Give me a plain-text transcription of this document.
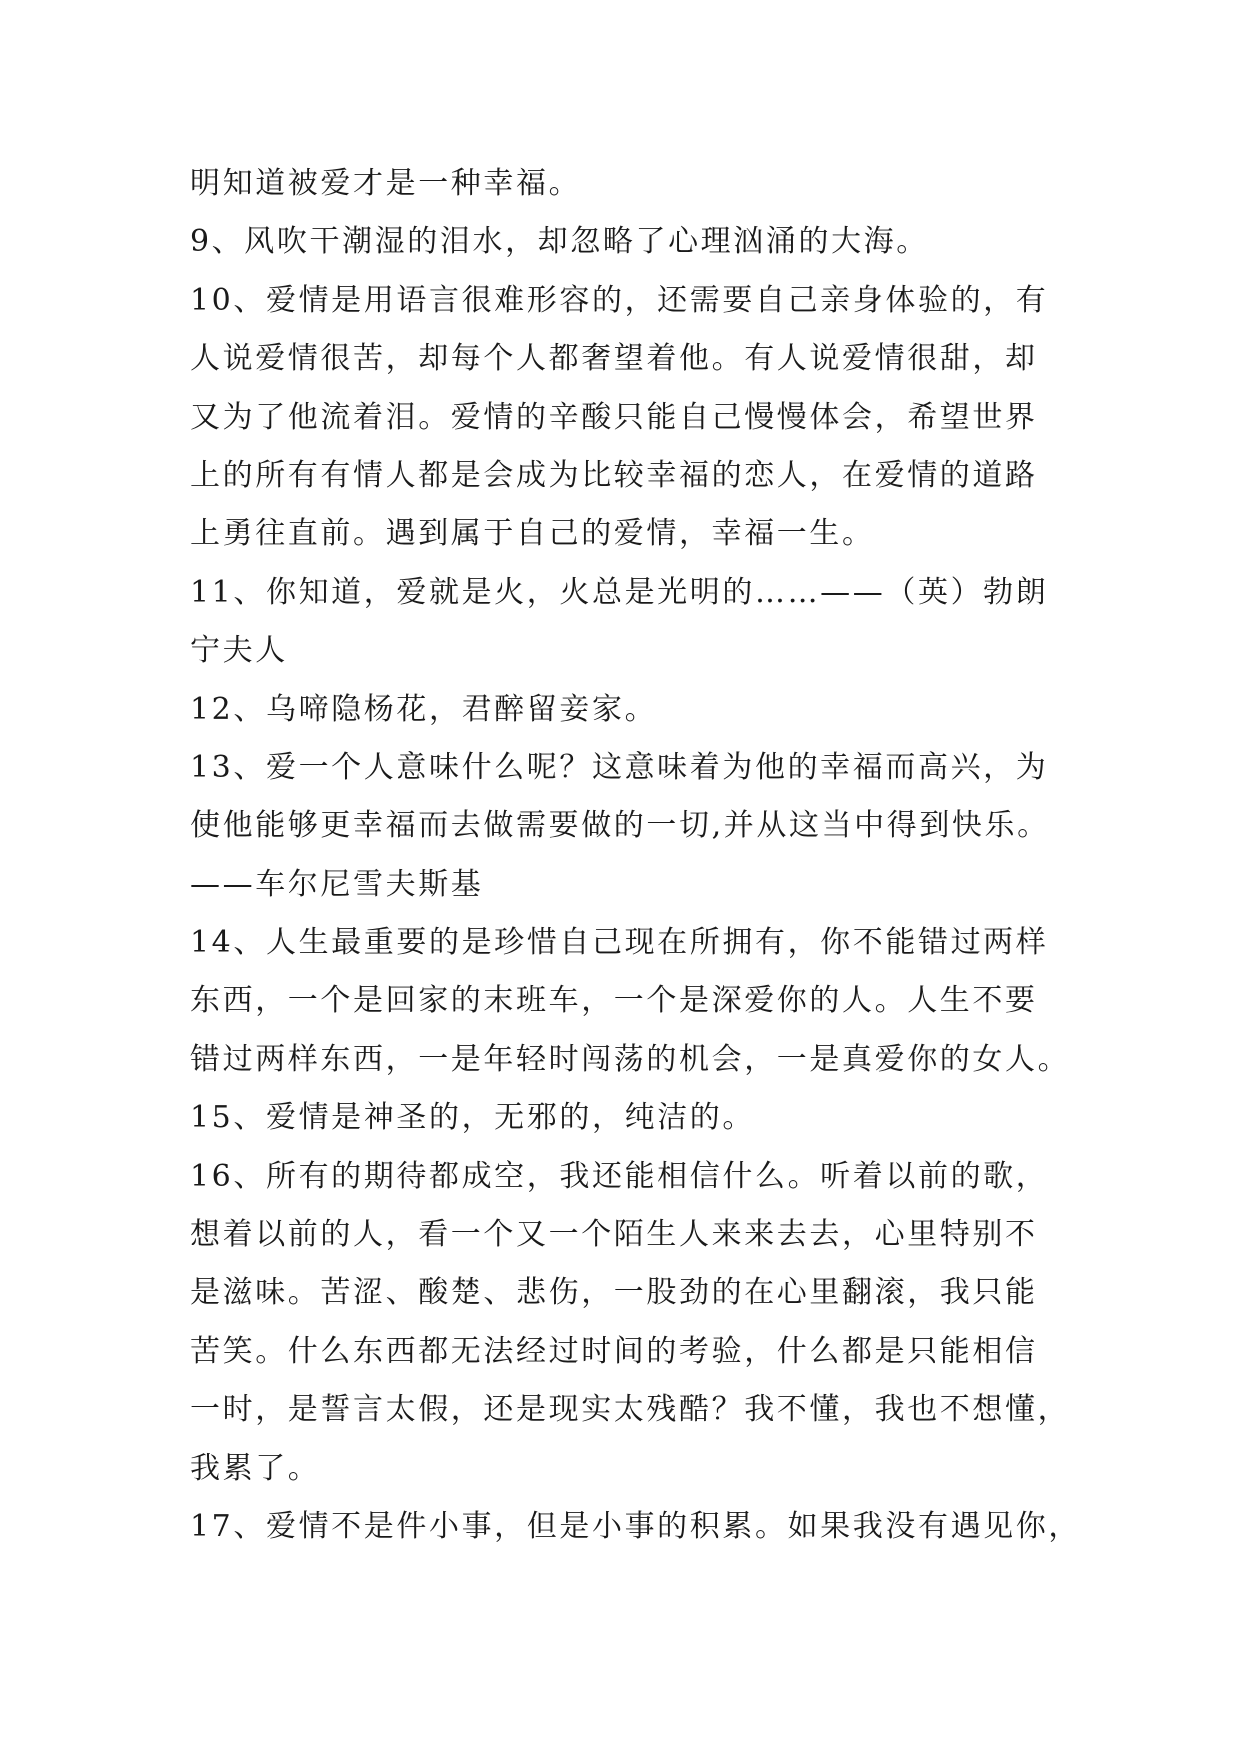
明知道被爱才是一种幸福。
9、风吹干潮湿的泪水，却忽略了心理汹涌的大海。
10、爱情是用语言很难形容的，还需要自己亲身体验的，有
人说爱情很苦，却每个人都奢望着他。有人说爱情很甜，却
又为了他流着泪。爱情的辛酸只能自己慢慢体会，希望世界
上的所有有情人都是会成为比较幸福的恋人，在爱情的道路
上勇往直前。遇到属于自己的爱情，幸福一生。
11、你知道，爱就是火，火总是光明的……——（英）勃朗
宁夫人
12、乌啼隐杨花，君醉留妾家。
13、爱一个人意味什么呢？这意味着为他的幸福而高兴，为
使他能够更幸福而去做需要做的一切,并从这当中得到快乐。
——车尔尼雪夫斯基
14、人生最重要的是珍惜自己现在所拥有，你不能错过两样
东西，一个是回家的末班车，一个是深爱你的人。人生不要
错过两样东西，一是年轻时闯荡的机会，一是真爱你的女人。
15、爱情是神圣的，无邪的，纯洁的。
16、所有的期待都成空，我还能相信什么。听着以前的歌，
想着以前的人，看一个又一个陌生人来来去去，心里特别不
是滋味。苦涩、酸楚、悲伤，一股劲的在心里翻滚，我只能
苦笑。什么东西都无法经过时间的考验，什么都是只能相信
一时，是誓言太假，还是现实太残酷？我不懂，我也不想懂，
我累了。
17、爱情不是件小事，但是小事的积累。如果我没有遇见你，
